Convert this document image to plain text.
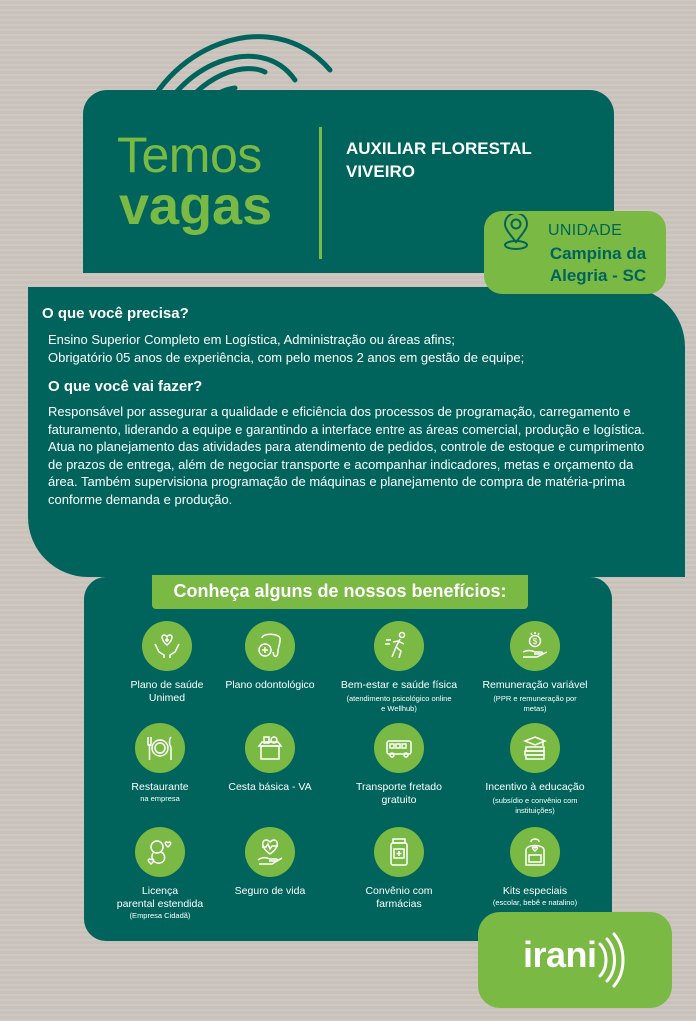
Temos
vagas
AUXILIAR FLORESTAL
VIVEIRO
UNIDADE
Campina da
Alegria - SC
O que você precisa?
Ensino Superior Completo em Logística, Administração ou áreas afins;
Obrigatório 05 anos de experiência, com pelo menos 2 anos em gestão de equipe;
O que você vai fazer?
Responsável por assegurar a qualidade e eficiência dos processos de programação, carregamento e
faturamento, liderando a equipe e garantindo a interface entre as áreas comercial, produção e logística.
Atua no planejamento das atividades para atendimento de pedidos, controle de estoque e cumprimento
de prazos de entrega, além de negociar transporte e acompanhar indicadores, metas e orçamento da
área. Também supervisiona programação de máquinas e planejamento de compra de matéria-prima
conforme demanda e produção.
Conheça alguns de nossos benefícios:
Plano de saúde
Unimed
Plano odontológico	Bem-estar e saúde física
(atendimento psicológico online e Wellhub)
$
Remuneração variável
(PPR e remuneração por metas)
Restaurante
na empresa
Cesta básica - VA	Transporte fretado
gratuito
Incentivo à educação
(subsídio e convênio com instituições)
Licença
parental estendida
(Empresa Cidadã)
Seguro de vida	Convênio com
farmácias
Kits especiais
(escolar, bebê e natalino)
irani
